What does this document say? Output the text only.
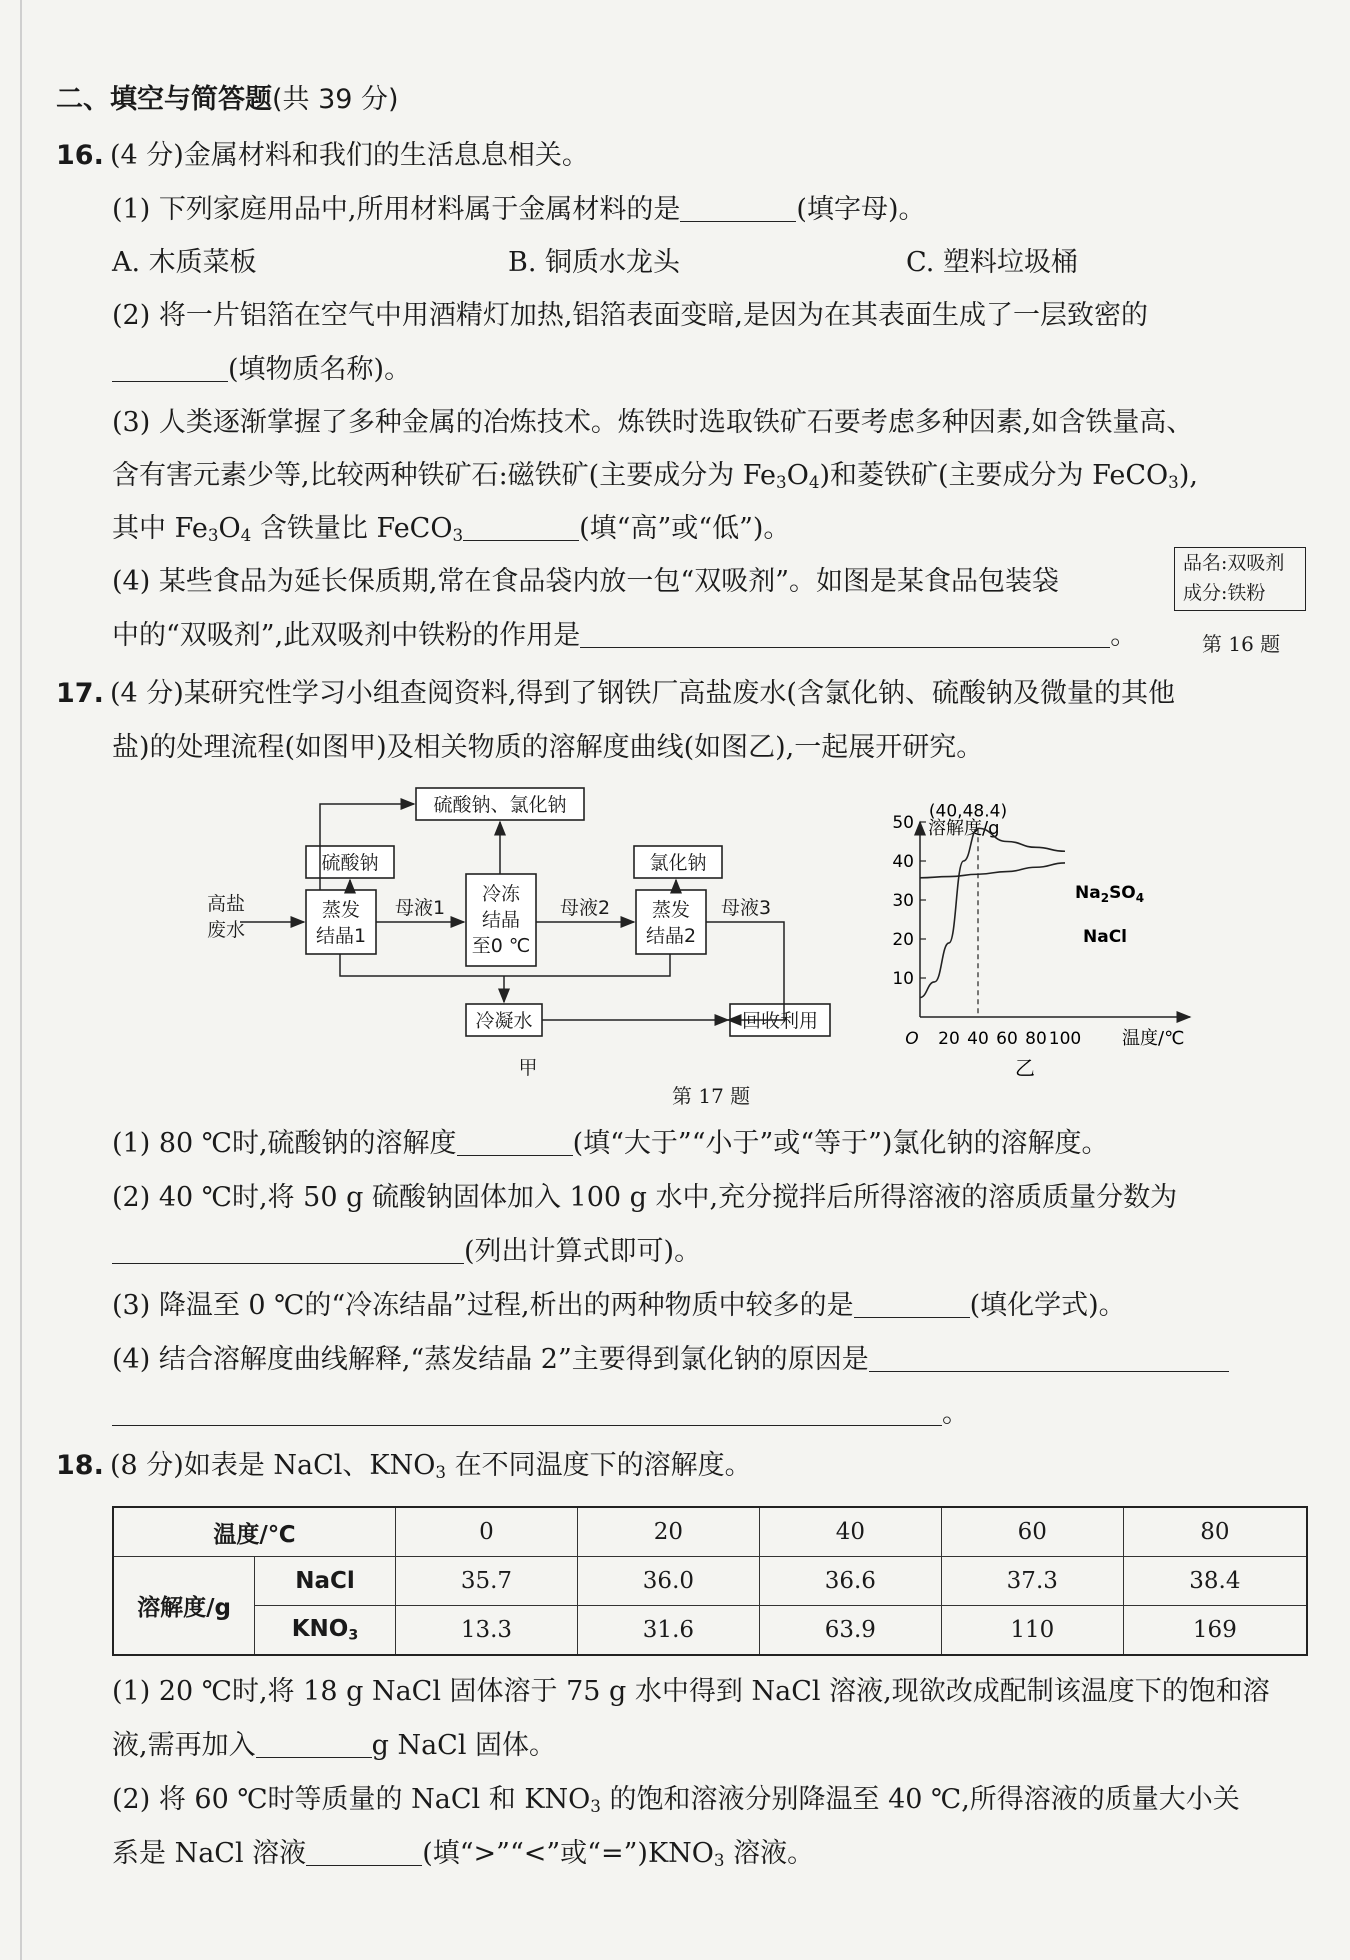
二、填空与简答题(共 39 分)
16. (4 分)金属材料和我们的生活息息相关。
(1) 下列家庭用品中,所用材料属于金属材料的是	(填字母)。
A. 木质菜板	B. 铜质水龙头	C. 塑料垃圾桶
(2) 将一片铝箔在空气中用酒精灯加热,铝箔表面变暗,是因为在其表面生成了一层致密的
(填物质名称)。
(3) 人类逐渐掌握了多种金属的冶炼技术。炼铁时选取铁矿石要考虑多种因素,如含铁量高、
含有害元素少等,比较两种铁矿石:磁铁矿(主要成分为 $Fe_3O_4$)和菱铁矿(主要成分为 FeCO$_3$),
其中 $Fe_3O_4$ 含铁量比 FeCO$_3$	(填“高”或“低”)。
(4) 某些食品为延长保质期,常在食品袋内放一包“双吸剂”。如图是某食品包装袋
中的“双吸剂”,此双吸剂中铁粉的作用是	。
品名:双吸剂
成分:铁粉
第 16 题
17. (4 分)某研究性学习小组查阅资料,得到了钢铁厂高盐废水(含氯化钠、硫酸钠及微量的其他
盐)的处理流程(如图甲)及相关物质的溶解度曲线(如图乙),一起展开研究。
硫酸钠、氯化钠
硫酸钠	氯化钠
高盐
废水
蒸发
结晶1
母液1
冷冻
结晶
至0 ℃
母液2 蒸发
结晶2
母液3
冷凝水	回收利用
甲
溶解度/g
温度/℃
O 20 40 60 80 100
10
20
30
40
50
(40,48.4)
$Na_2SO_4$
NaCl
乙
第 17 题
(1) 80 ℃时,硫酸钠的溶解度	(填“大于”“小于”或“等于”)氯化钠的溶解度。
(2) 40 ℃时,将 50 g 硫酸钠固体加入 100 g 水中,充分搅拌后所得溶液的溶质质量分数为
(列出计算式即可)。
(3) 降温至 0 ℃的“冷冻结晶”过程,析出的两种物质中较多的是	(填化学式)。
(4) 结合溶解度曲线解释,“蒸发结晶 2”主要得到氯化钠的原因是
。
18. (8 分)如表是 NaCl、$KNO_3$ 在不同温度下的溶解度。
温度/℃		0	20	40	60	80
溶解度/g	NaCl	35.7	36.0	36.6	37.3	38.4
	$KNO_3$	13.3	31.6	63.9	110	169
(1) 20 ℃时,将 18 g NaCl 固体溶于 75 g 水中得到 NaCl 溶液,现欲改成配制该温度下的饱和溶
液,需再加入	g NaCl 固体。
(2) 将 60 ℃时等质量的 NaCl 和 $KNO_3$ 的饱和溶液分别降温至 40 ℃,所得溶液的质量大小关
系是 NaCl 溶液	(填“>”“<”或“$=”)KNO_3$ 溶液。
